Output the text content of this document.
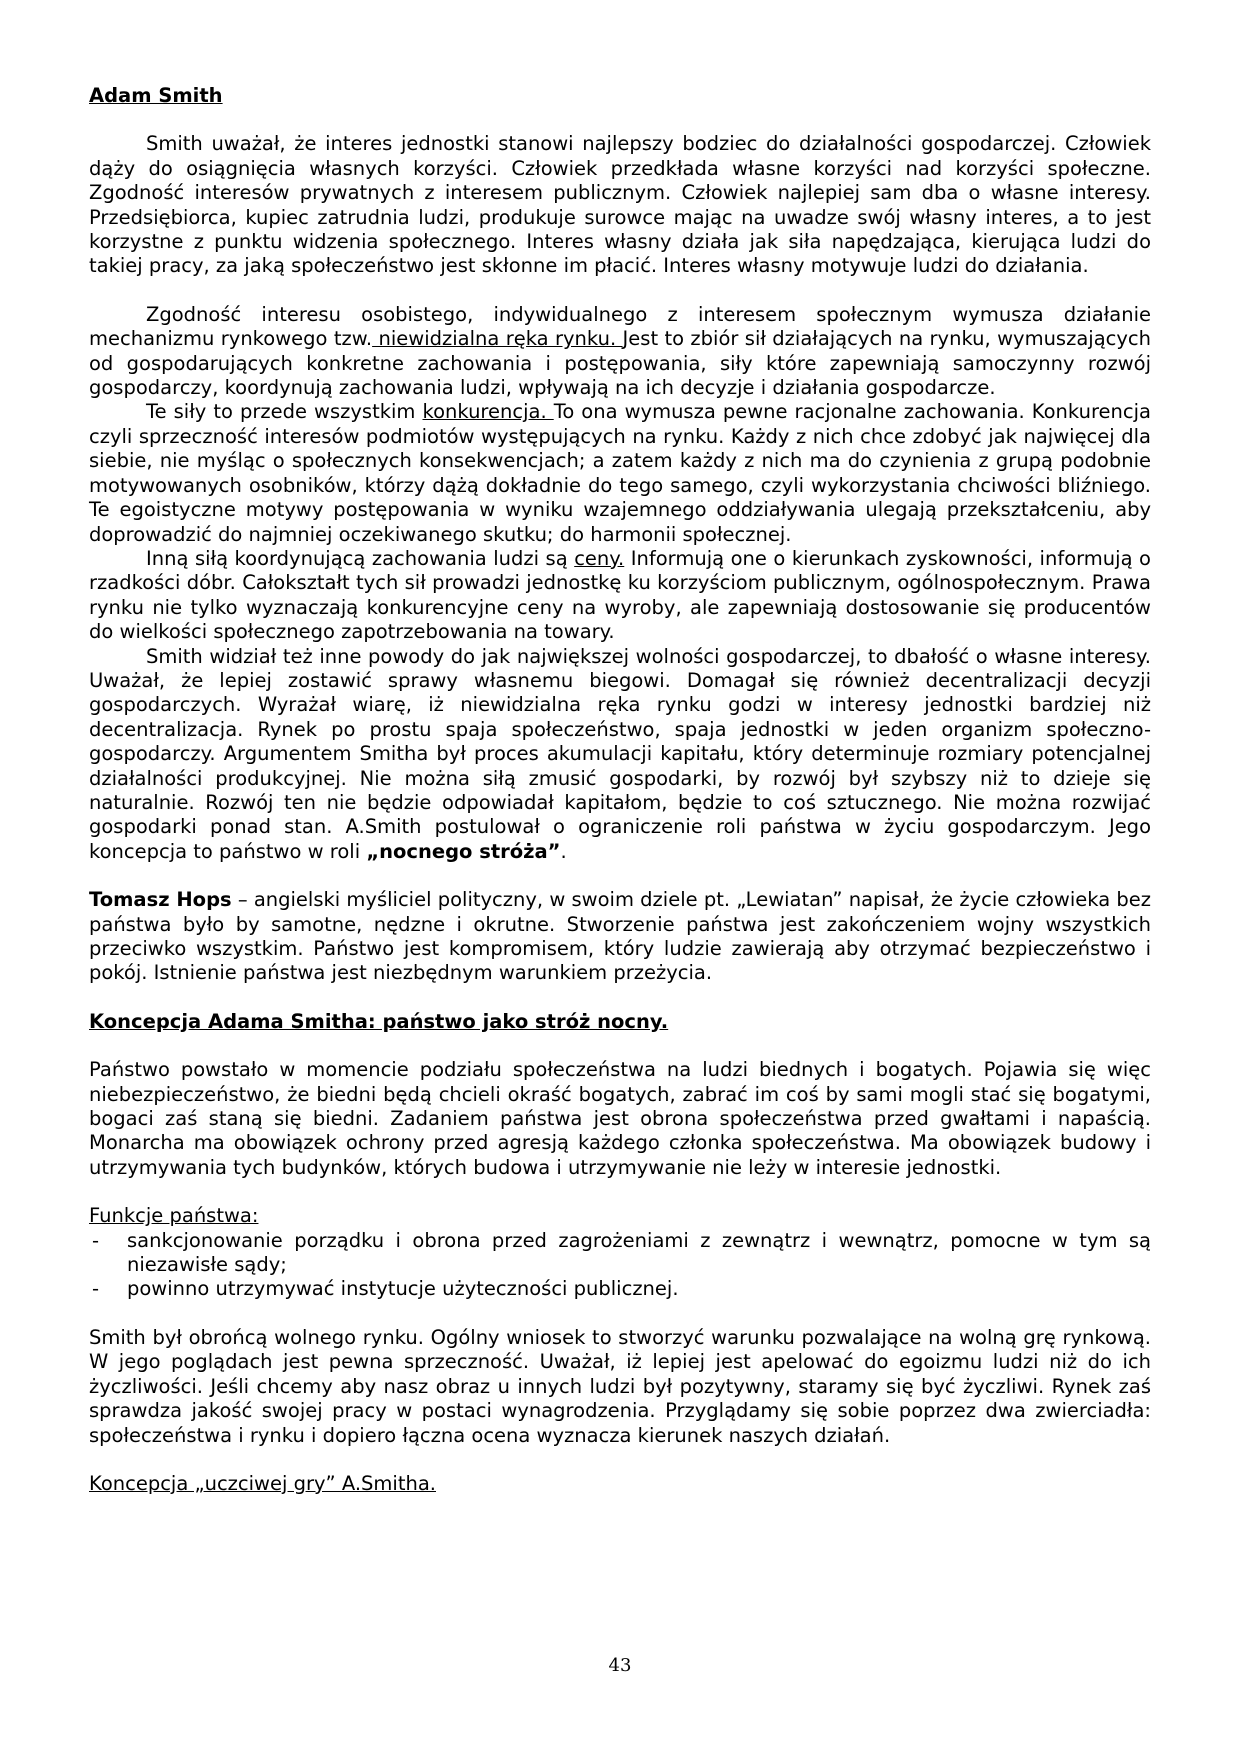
Adam Smith

Smith uważał, że interes jednostki stanowi najlepszy bodziec do działalności gospodarczej. Człowiek dąży do osiągnięcia własnych korzyści. Człowiek przedkłada własne korzyści nad korzyści społeczne. Zgodność interesów prywatnych z interesem publicznym. Człowiek najlepiej sam dba o własne interesy. Przedsiębiorca, kupiec zatrudnia ludzi, produkuje surowce mając na uwadze swój własny interes, a to jest korzystne z punktu widzenia społecznego. Interes własny działa jak siła napędzająca, kierująca ludzi do takiej pracy, za jaką społeczeństwo jest skłonne im płacić. Interes własny motywuje ludzi do działania.

Zgodność interesu osobistego, indywidualnego z interesem społecznym wymusza działanie mechanizmu rynkowego tzw. niewidzialna ręka rynku. Jest to zbiór sił działających na rynku, wymuszających od gospodarujących konkretne zachowania i postępowania, siły które zapewniają samoczynny rozwój gospodarczy, koordynują zachowania ludzi, wpływają na ich decyzje i działania gospodarcze.

Te siły to przede wszystkim konkurencja. To ona wymusza pewne racjonalne zachowania. Konkurencja czyli sprzeczność interesów podmiotów występujących na rynku. Każdy z nich chce zdobyć jak najwięcej dla siebie, nie myśląc o społecznych konsekwencjach; a zatem każdy z nich ma do czynienia z grupą podobnie motywowanych osobników, którzy dążą dokładnie do tego samego, czyli wykorzystania chciwości bliźniego. Te egoistyczne motywy postępowania w wyniku wzajemnego oddziaływania ulegają przekształceniu, aby doprowadzić do najmniej oczekiwanego skutku; do harmonii społecznej.

Inną siłą koordynującą zachowania ludzi są ceny. Informują one o kierunkach zyskowności, informują o rzadkości dóbr. Całokształt tych sił prowadzi jednostkę ku korzyściom publicznym, ogólnospołecznym. Prawa rynku nie tylko wyznaczają konkurencyjne ceny na wyroby, ale zapewniają dostosowanie się producentów do wielkości społecznego zapotrzebowania na towary.

Smith widział też inne powody do jak największej wolności gospodarczej, to dbałość o własne interesy. Uważał, że lepiej zostawić sprawy własnemu biegowi. Domagał się również decentralizacji decyzji gospodarczych. Wyrażał wiarę, iż niewidzialna ręka rynku godzi w interesy jednostki bardziej niż decentralizacja. Rynek po prostu spaja społeczeństwo, spaja jednostki w jeden organizm społeczno-gospodarczy. Argumentem Smitha był proces akumulacji kapitału, który determinuje rozmiary potencjalnej działalności produkcyjnej. Nie można siłą zmusić gospodarki, by rozwój był szybszy niż to dzieje się naturalnie. Rozwój ten nie będzie odpowiadał kapitałom, będzie to coś sztucznego. Nie można rozwijać gospodarki ponad stan. A.Smith postulował o ograniczenie roli państwa w życiu gospodarczym. Jego koncepcja to państwo w roli „nocnego stróża”.

Tomasz Hops – angielski myśliciel polityczny, w swoim dziele pt. „Lewiatan” napisał, że życie człowieka bez państwa było by samotne, nędzne i okrutne. Stworzenie państwa jest zakończeniem wojny wszystkich przeciwko wszystkim. Państwo jest kompromisem, który ludzie zawierają aby otrzymać bezpieczeństwo i pokój. Istnienie państwa jest niezbędnym warunkiem przeżycia.

Koncepcja Adama Smitha: państwo jako stróż nocny.

Państwo powstało w momencie podziału społeczeństwa na ludzi biednych i bogatych. Pojawia się więc niebezpieczeństwo, że biedni będą chcieli okraść bogatych, zabrać im coś by sami mogli stać się bogatymi, bogaci zaś staną się biedni. Zadaniem państwa jest obrona społeczeństwa przed gwałtami i napaścią. Monarcha ma obowiązek ochrony przed agresją każdego członka społeczeństwa. Ma obowiązek budowy i utrzymywania tych budynków, których budowa i utrzymywanie nie leży w interesie jednostki.

Funkcje państwa:

- sankcjonowanie porządku i obrona przed zagrożeniami z zewnątrz i wewnątrz, pomocne w tym są niezawisłe sądy;
- powinno utrzymywać instytucje użyteczności publicznej.

Smith był obrońcą wolnego rynku. Ogólny wniosek to stworzyć warunku pozwalające na wolną grę rynkową. W jego poglądach jest pewna sprzeczność. Uważał, iż lepiej jest apelować do egoizmu ludzi niż do ich życzliwości. Jeśli chcemy aby nasz obraz u innych ludzi był pozytywny, staramy się być życzliwi. Rynek zaś sprawdza jakość swojej pracy w postaci wynagrodzenia. Przyglądamy się sobie poprzez dwa zwierciadła: społeczeństwa i rynku i dopiero łączna ocena wyznacza kierunek naszych działań.

Koncepcja „uczciwej gry” A.Smitha.

43
